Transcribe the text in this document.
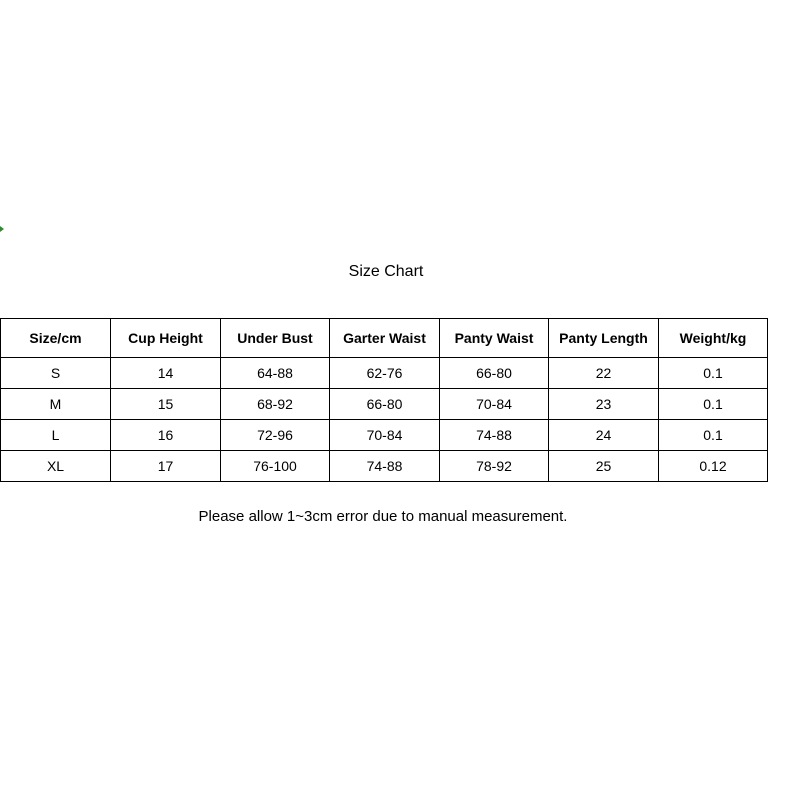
Size Chart
Size/cm	Cup Height	Under Bust	Garter Waist	Panty Waist	Panty Length	Weight/kg
S	14	64-88	62-76	66-80	22	0.1
M	15	68-92	66-80	70-84	23	0.1
L	16	72-96	70-84	74-88	24	0.1
XL	17	76-100	74-88	78-92	25	0.12
Please allow 1~3cm error due to manual measurement.
